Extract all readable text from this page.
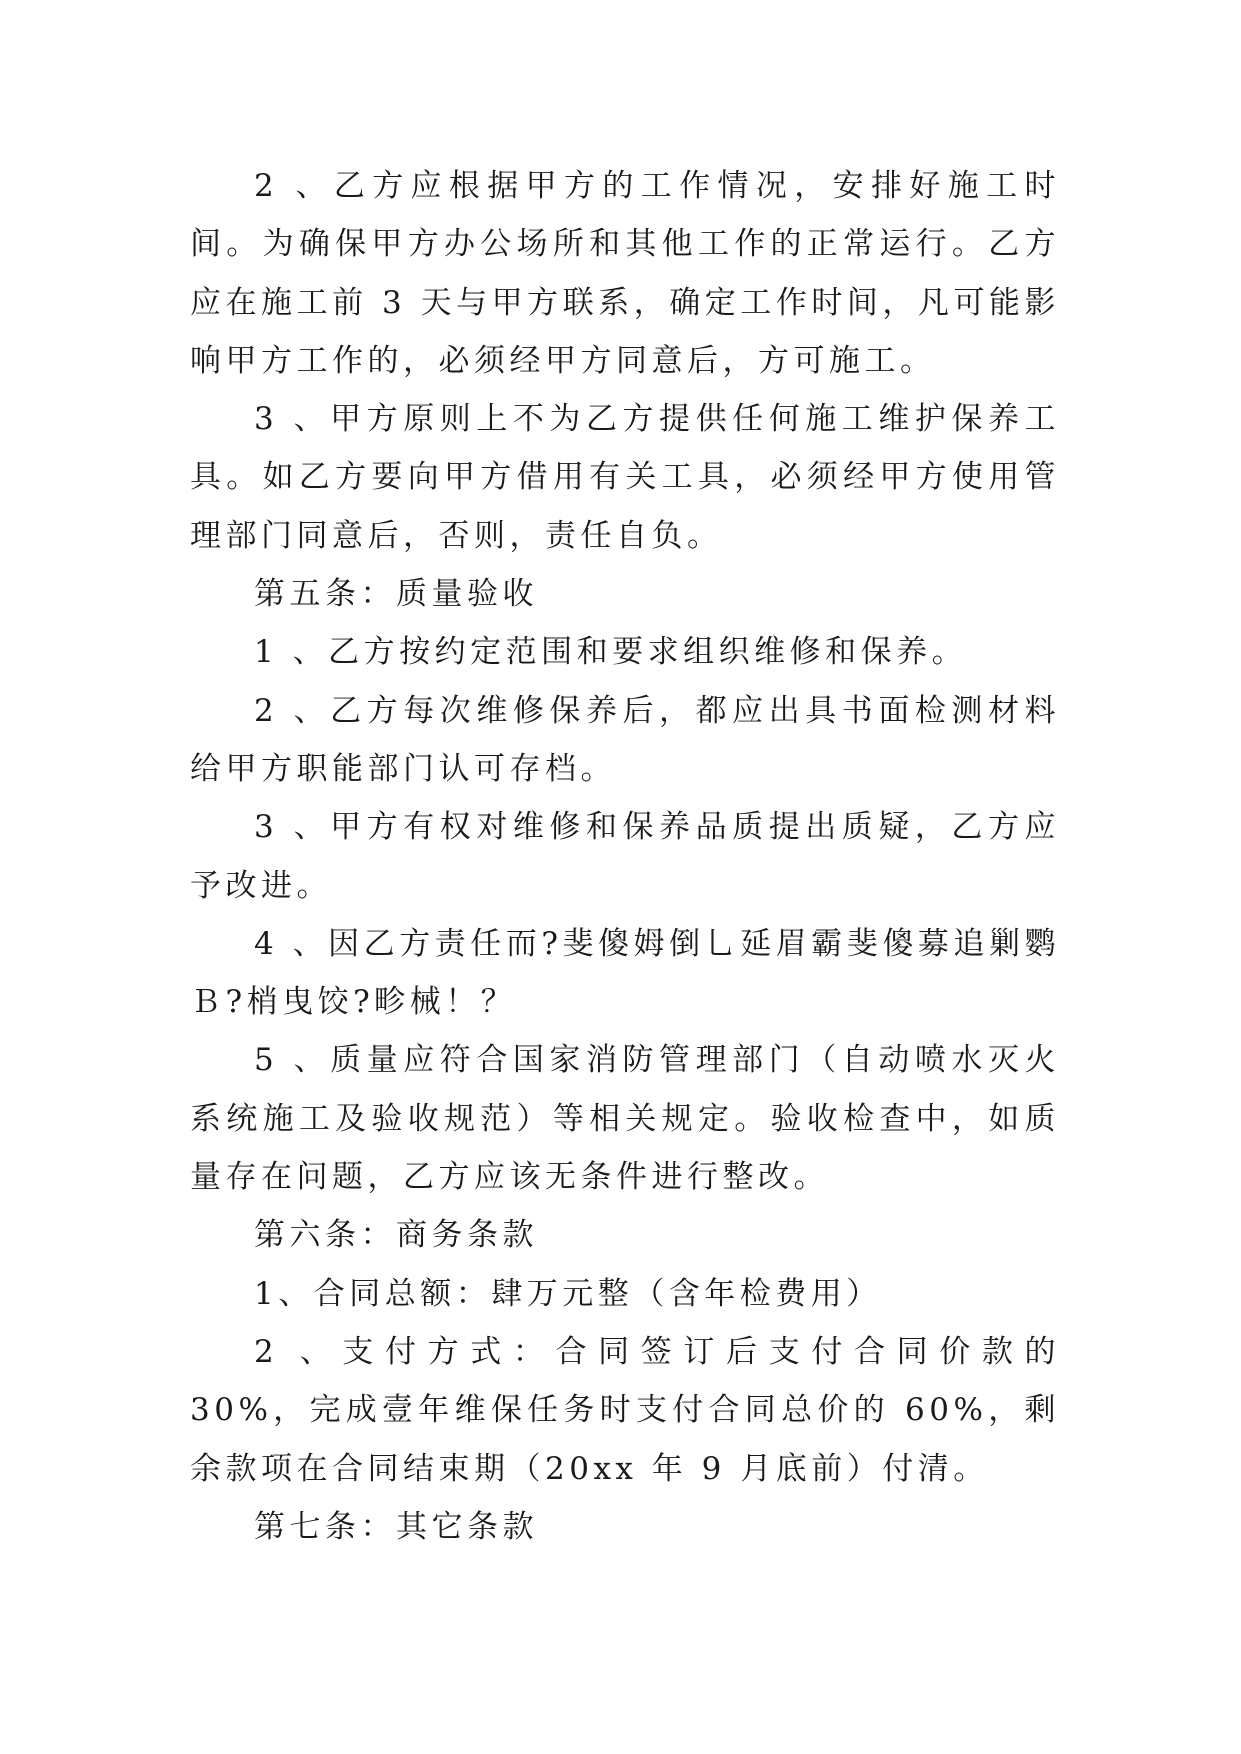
2 、乙方应根据甲方的工作情况，安排好施工时间。为确保甲方办公场所和其他工作的正常运行。乙方应在施工前 3 天与甲方联系，确定工作时间，凡可能影响甲方工作的，必须经甲方同意后，方可施工。

3 、甲方原则上不为乙方提供任何施工维护保养工具。如乙方要向甲方借用有关工具，必须经甲方使用管理部门同意后，否则，责任自负。

第五条：质量验收

1 、乙方按约定范围和要求组织维修和保养。

2 、乙方每次维修保养后，都应出具书面检测材料给甲方职能部门认可存档。

3 、甲方有权对维修和保养品质提出质疑，乙方应予改进。

4 、因乙方责任而?斐傻姆倒乚延眉霸斐傻募追剿鹦Ｂ?梢曳饺?畛械！？

5 、质量应符合国家消防管理部门（自动喷水灭火系统施工及验收规范）等相关规定。验收检查中，如质量存在问题，乙方应该无条件进行整改。

第六条：商务条款

1、合同总额：肆万元整（含年检费用）

2 、支付方式：合同签订后支付合同价款的 30%，完成壹年维保任务时支付合同总价的 60%，剩余款项在合同结束期（20xx 年 9 月底前）付清。

第七条：其它条款
